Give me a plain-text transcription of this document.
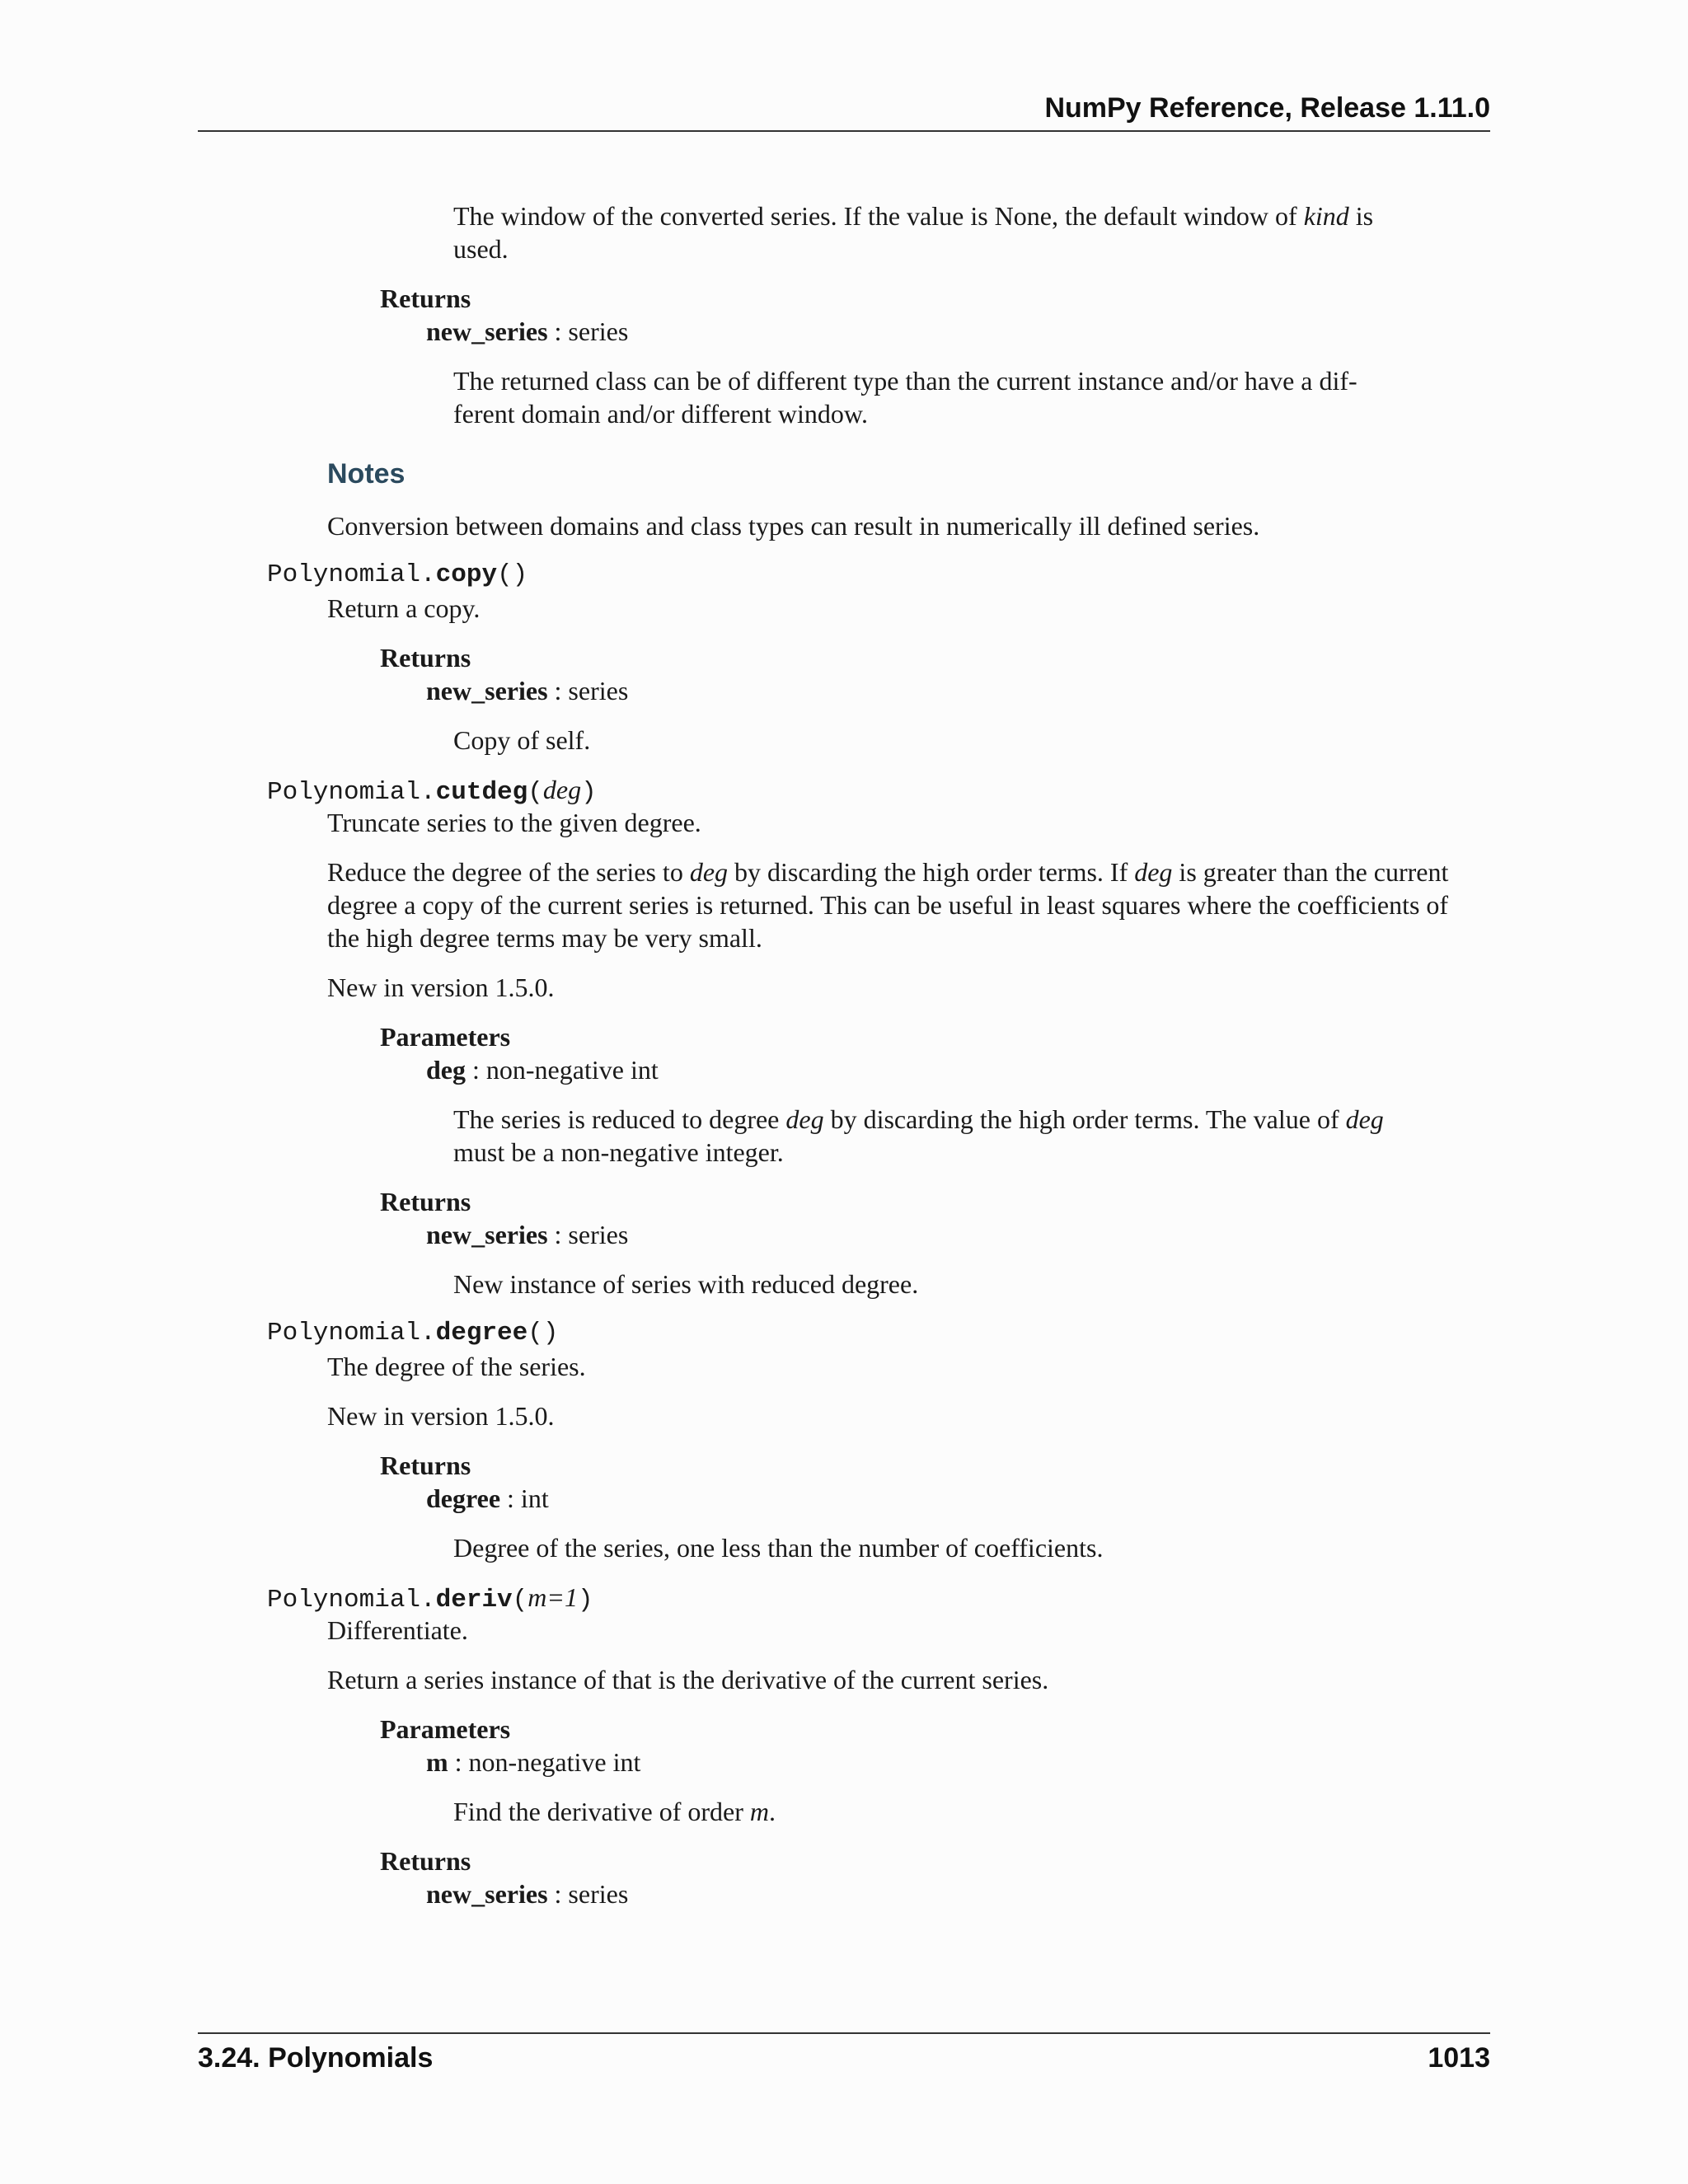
NumPy Reference, Release 1.11.0
The window of the converted series. If the value is None, the default window of kind is
used.
Returns
new_series : series
The returned class can be of different type than the current instance and/or have a dif-
ferent domain and/or different window.
Notes
Conversion between domains and class types can result in numerically ill defined series.
Polynomial.copy()
Return a copy.
Returns
new_series : series
Copy of self.
Polynomial.cutdeg(deg)
Truncate series to the given degree.
Reduce the degree of the series to deg by discarding the high order terms. If deg is greater than the current
degree a copy of the current series is returned. This can be useful in least squares where the coefficients of
the high degree terms may be very small.
New in version 1.5.0.
Parameters
deg : non-negative int
The series is reduced to degree deg by discarding the high order terms. The value of deg
must be a non-negative integer.
Returns
new_series : series
New instance of series with reduced degree.
Polynomial.degree()
The degree of the series.
New in version 1.5.0.
Returns
degree : int
Degree of the series, one less than the number of coefficients.
Polynomial.deriv(m=1)
Differentiate.
Return a series instance of that is the derivative of the current series.
Parameters
m : non-negative int
Find the derivative of order m.
Returns
new_series : series
3.24. Polynomials	1013
